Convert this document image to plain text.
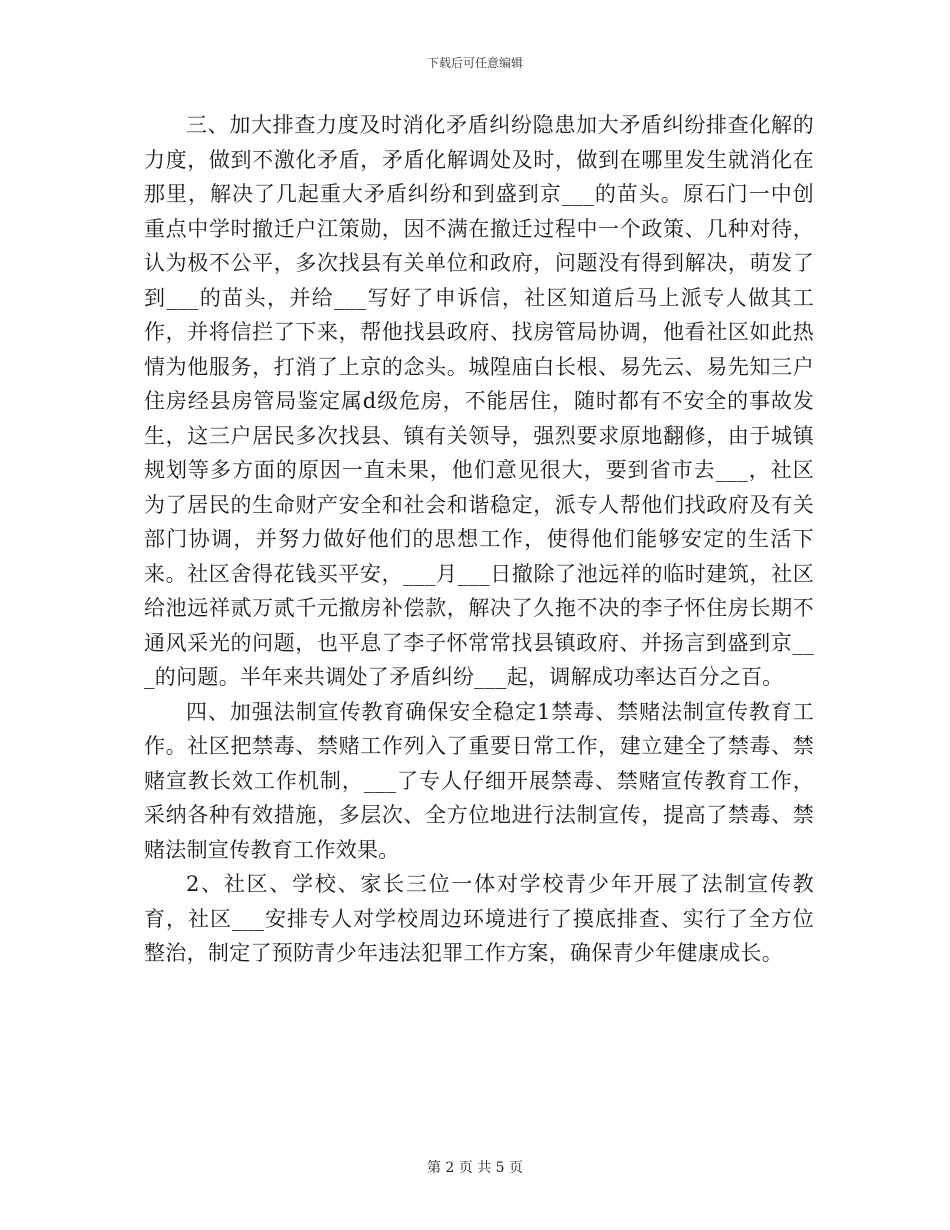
下载后可任意编辑

三、加大排查力度及时消化矛盾纠纷隐患加大矛盾纠纷排查化解的力度，做到不激化矛盾，矛盾化解调处及时，做到在哪里发生就消化在那里，解决了几起重大矛盾纠纷和到盛到京___的苗头。原石门一中创重点中学时撤迁户江策勋，因不满在撤迁过程中一个政策、几种对待，认为极不公平，多次找县有关单位和政府，问题没有得到解决，萌发了到___的苗头，并给___写好了申诉信，社区知道后马上派专人做其工作，并将信拦了下来，帮他找县政府、找房管局协调，他看社区如此热情为他服务，打消了上京的念头。城隍庙白长根、易先云、易先知三户住房经县房管局鉴定属d级危房，不能居住，随时都有不安全的事故发生，这三户居民多次找县、镇有关领导，强烈要求原地翻修，由于城镇规划等多方面的原因一直未果，他们意见很大，要到省市去___，社区为了居民的生命财产安全和社会和谐稳定，派专人帮他们找政府及有关部门协调，并努力做好他们的思想工作，使得他们能够安定的生活下来。社区舍得花钱买平安，___月___日撤除了池远祥的临时建筑，社区给池远祥贰万贰千元撤房补偿款，解决了久拖不决的李子怀住房长期不通风采光的问题，也平息了李子怀常常找县镇政府、并扬言到盛到京___的问题。半年来共调处了矛盾纠纷___起，调解成功率达百分之百。

四、加强法制宣传教育确保安全稳定1禁毒、禁赌法制宣传教育工作。社区把禁毒、禁赌工作列入了重要日常工作，建立建全了禁毒、禁赌宣教长效工作机制，___了专人仔细开展禁毒、禁赌宣传教育工作，采纳各种有效措施，多层次、全方位地进行法制宣传，提高了禁毒、禁赌法制宣传教育工作效果。

2、社区、学校、家长三位一体对学校青少年开展了法制宣传教育，社区___安排专人对学校周边环境进行了摸底排查、实行了全方位整治，制定了预防青少年违法犯罪工作方案，确保青少年健康成长。

第 2 页 共 5 页
